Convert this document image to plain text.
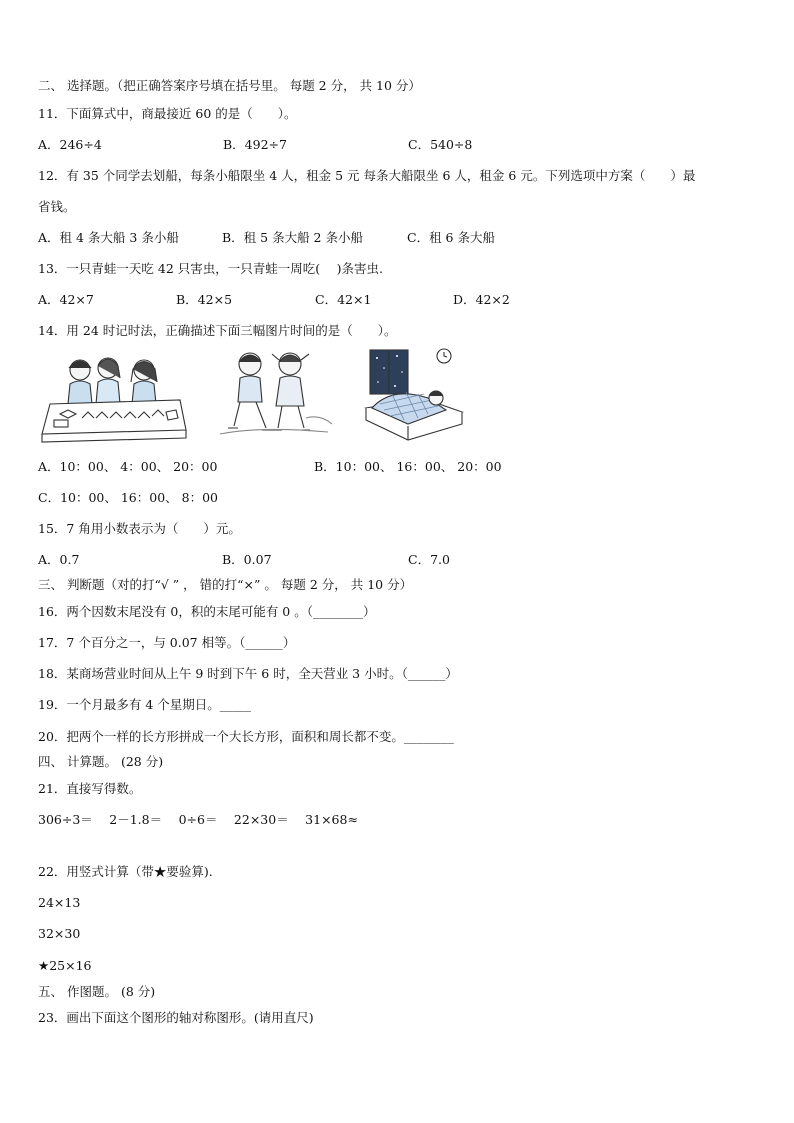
二、 选择题。（把正确答案序号填在括号里。 每题 2 分， 共 10 分）
11．下面算式中，商最接近 60 的是（　　）。
A．246÷4	B．492÷7	C．540÷8
12．有 35 个同学去划船，每条小船限坐 4 人，租金 5 元 每条大船限坐 6 人，租金 6 元。下列选项中方案（　　）最
省钱。
A．租 4 条大船 3 条小船	B．租 5 条大船 2 条小船	C．租 6 条大船
13．一只青蛙一天吃 42 只害虫，一只青蛙一周吃(　 )条害虫.
A．42×7	B．42×5	C．42×1	D．42×2
14．用 24 时记时法，正确描述下面三幅图片时间的是（　　）。
A．10：00、 4：00、 20：00	B．10：00、 16：00、 20：00
C．10：00、 16：00、 8：00
15．7 角用小数表示为（　　）元。
A．0.7	B．0.07	C．7.0
三、 判断题（对的打“√ ” ， 错的打“×” 。 每题 2 分， 共 10 分）
16．两个因数末尾没有 0，积的末尾可能有 0 。（________）
17．7 个百分之一，与 0.07 相等。（______）
18．某商场营业时间从上午 9 时到下午 6 时，全天营业 3 小时。（______）
19．一个月最多有 4 个星期日。_____
20．把两个一样的长方形拼成一个大长方形，面积和周长都不变。________
四、 计算题。 (28 分)
21．直接写得数。
306÷3＝　 2－1.8＝　 0÷6＝　 22×30＝　 31×68≈
22．用竖式计算（带★要验算).
24×13
32×30
★25×16
五、 作图题。 (8 分)
23．画出下面这个图形的轴对称图形。(请用直尺)
